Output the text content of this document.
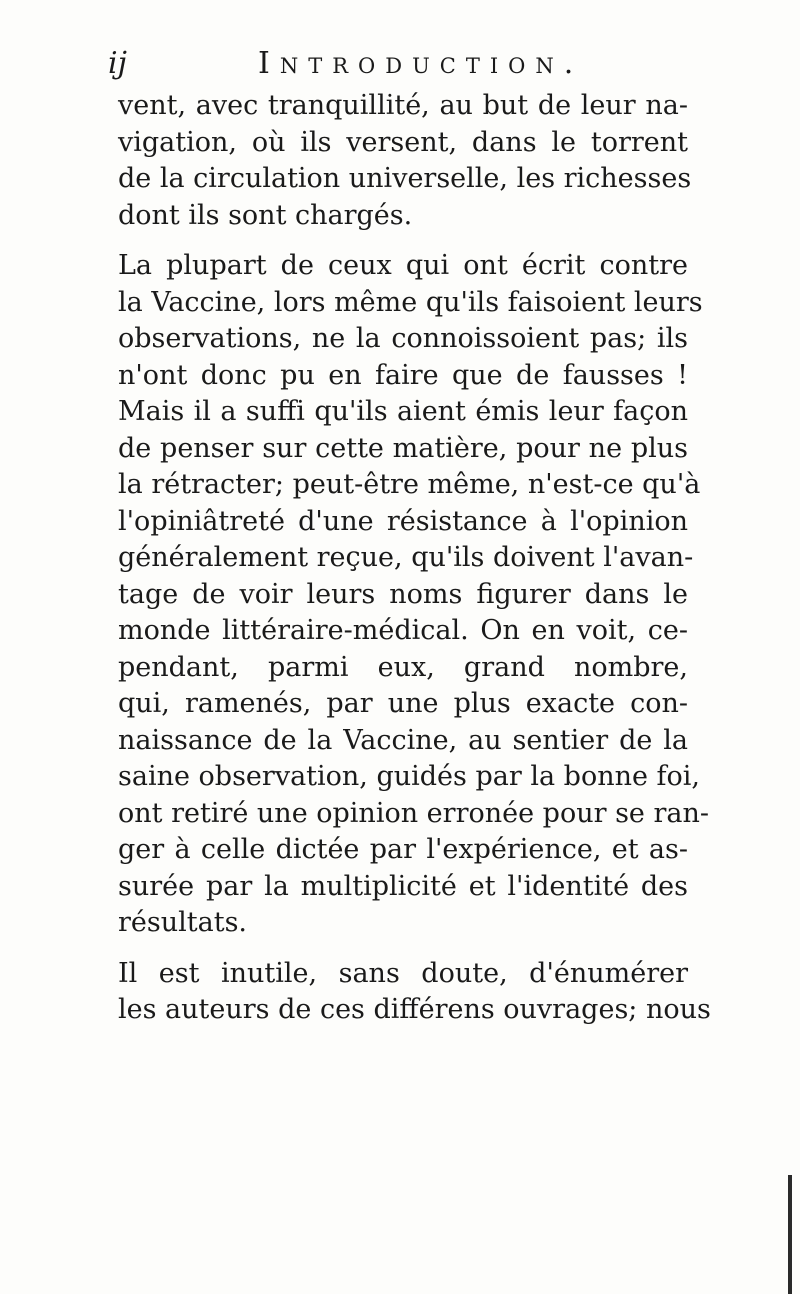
ij	Introduction.

vent, avec tranquillité, au but de leur na-
vigation, où ils versent, dans le torrent
de la circulation universelle, les richesses
dont ils sont chargés.

La plupart de ceux qui ont écrit contre
la Vaccine, lors même qu'ils faisoient leurs
observations, ne la connoissoient pas; ils
n'ont donc pu en faire que de fausses !
Mais il a suffi qu'ils aient émis leur façon
de penser sur cette matière, pour ne plus
la rétracter; peut-être même, n'est-ce qu'à
l'opiniâtreté d'une résistance à l'opinion
généralement reçue, qu'ils doivent l'avan-
tage de voir leurs noms figurer dans le
monde littéraire-médical. On en voit, ce-
pendant, parmi eux, grand nombre,
qui, ramenés, par une plus exacte con-
naissance de la Vaccine, au sentier de la
saine observation, guidés par la bonne foi,
ont retiré une opinion erronée pour se ran-
ger à celle dictée par l'expérience, et as-
surée par la multiplicité et l'identité des
résultats.

Il est inutile, sans doute, d'énumérer
les auteurs de ces différens ouvrages; nous
